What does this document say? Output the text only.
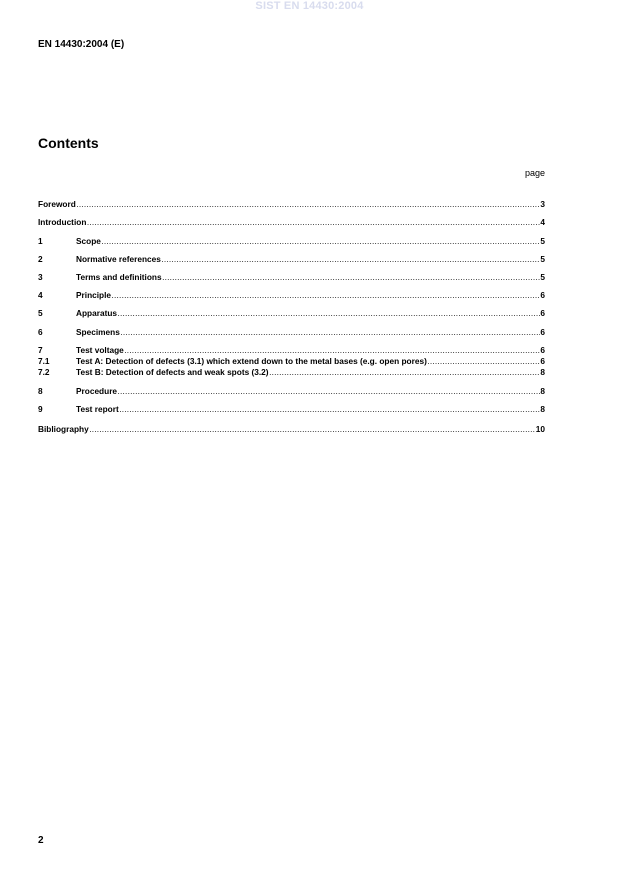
SIST EN 14430:2004
EN 14430:2004 (E)
Contents
page
Foreword .....	3
Introduction .....	4
1	Scope .....	5
2	Normative references .....	5
3	Terms and definitions .....	5
4	Principle .....	6
5	Apparatus .....	6
6	Specimens .....	6
7	Test voltage .....	6
7.1	Test A: Detection of defects (3.1) which extend down to the metal bases (e.g. open pores) .....	6
7.2	Test B: Detection of defects and weak spots (3.2) .....	8
8	Procedure .....	8
9	Test report .....	8
Bibliography .....	10
2
